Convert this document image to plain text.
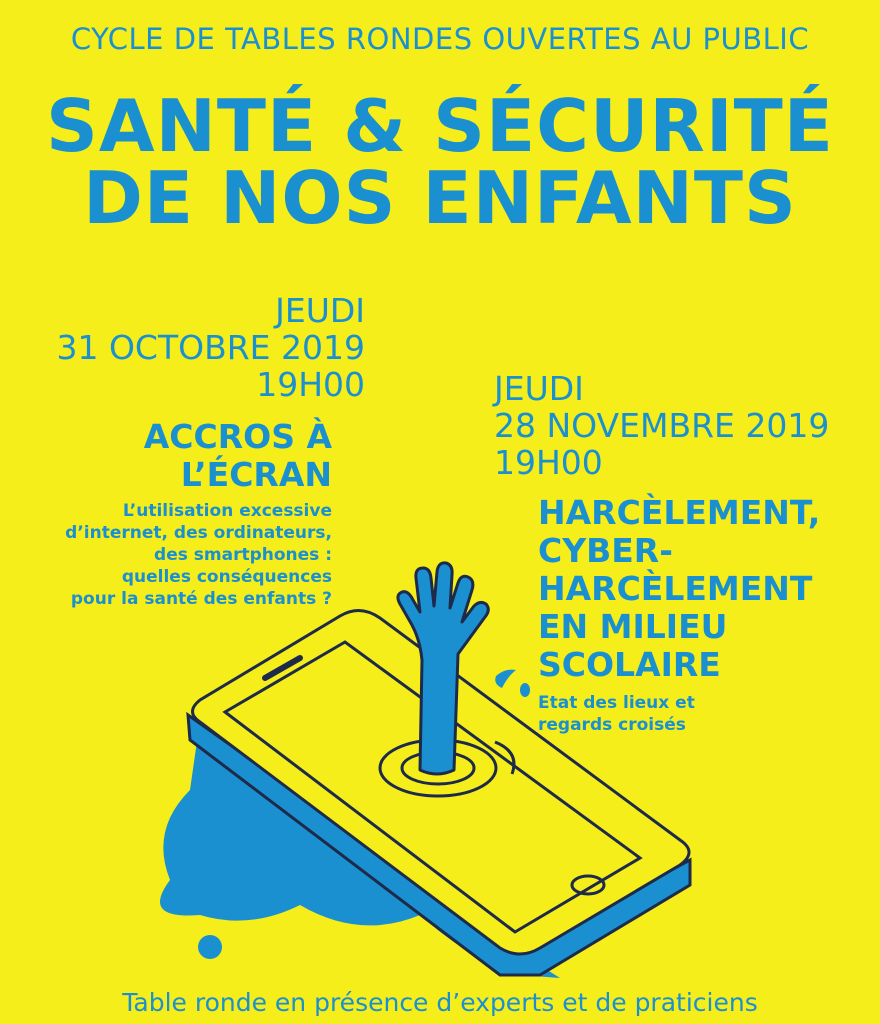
CYCLE DE TABLES RONDES OUVERTES AU PUBLIC
SANTÉ & SÉCURITÉ
DE NOS ENFANTS
JEUDI
31 OCTOBRE 2019
19H00
ACCROS À
L’ÉCRAN
L’utilisation excessive
d’internet, des ordinateurs,
des smartphones :
quelles conséquences
pour la santé des enfants ?
JEUDI
28 NOVEMBRE 2019
19H00
HARCÈLEMENT,
CYBER-
HARCÈLEMENT
EN MILIEU
SCOLAIRE
Etat des lieux et
regards croisés
Table ronde en présence d’experts et de praticiens
